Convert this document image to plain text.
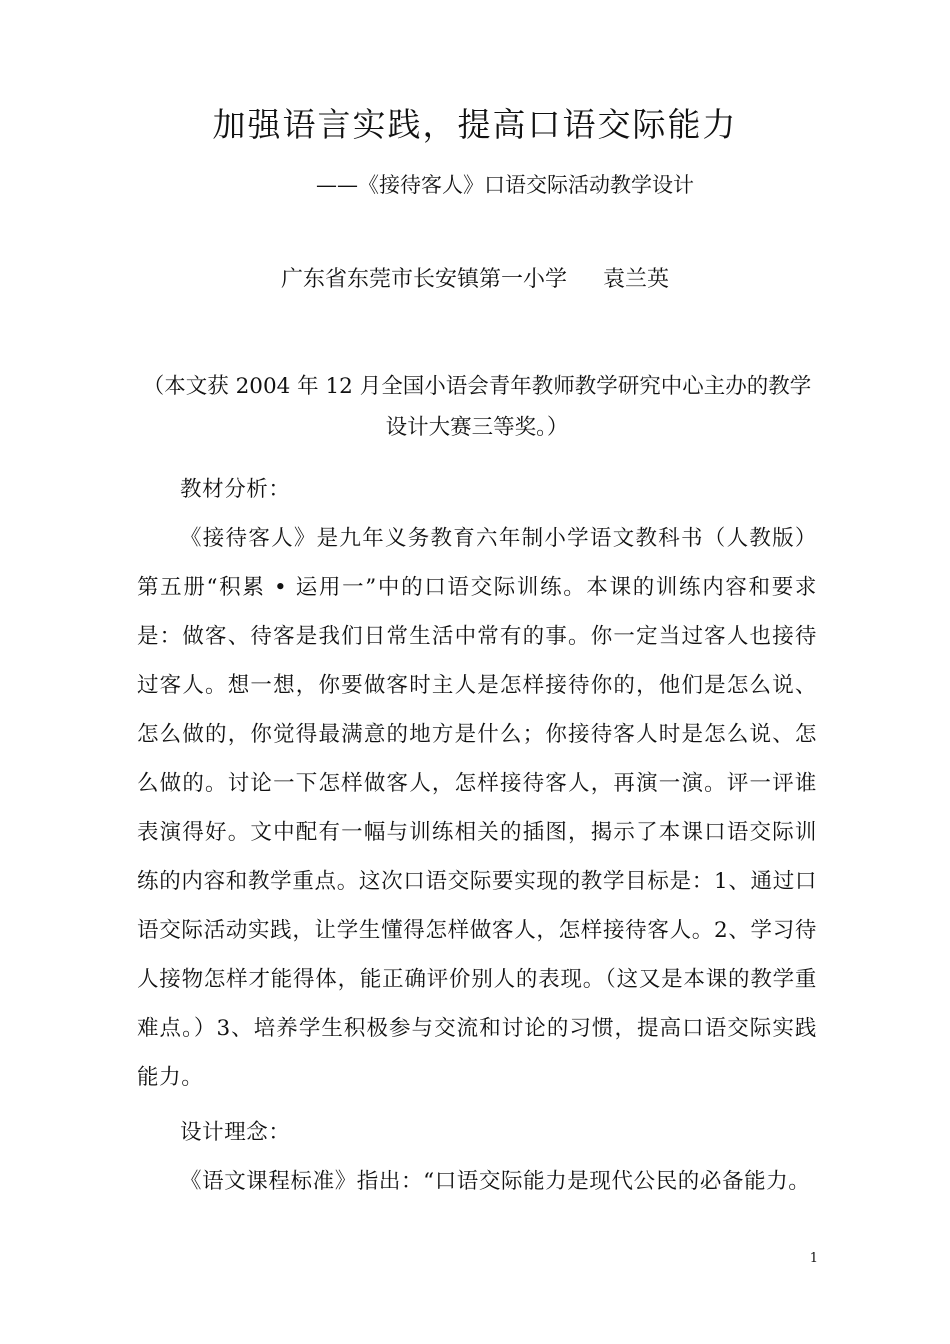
加强语言实践，提高口语交际能力
——《接待客人》口语交际活动教学设计
广东省东莞市长安镇第一小学 袁兰英
（本文获 2004 年 12 月全国小语会青年教师教学研究中心主办的教学设计大赛三等奖。）

教材分析：

《接待客人》是九年义务教育六年制小学语文教科书（人教版）第五册“积累 • 运用一”中的口语交际训练。本课的训练内容和要求是：做客、待客是我们日常生活中常有的事。你一定当过客人也接待过客人。想一想，你要做客时主人是怎样接待你的，他们是怎么说、怎么做的，你觉得最满意的地方是什么；你接待客人时是怎么说、怎么做的。讨论一下怎样做客人，怎样接待客人，再演一演。评一评谁表演得好。文中配有一幅与训练相关的插图，揭示了本课口语交际训练的内容和教学重点。这次口语交际要实现的教学目标是：1、通过口语交际活动实践，让学生懂得怎样做客人，怎样接待客人。2、学习待人接物怎样才能得体，能正确评价别人的表现。（这又是本课的教学重难点。）3、培养学生积极参与交流和讨论的习惯，提高口语交际实践能力。

设计理念：

《语文课程标准》指出：“口语交际能力是现代公民的必备能力。

1
